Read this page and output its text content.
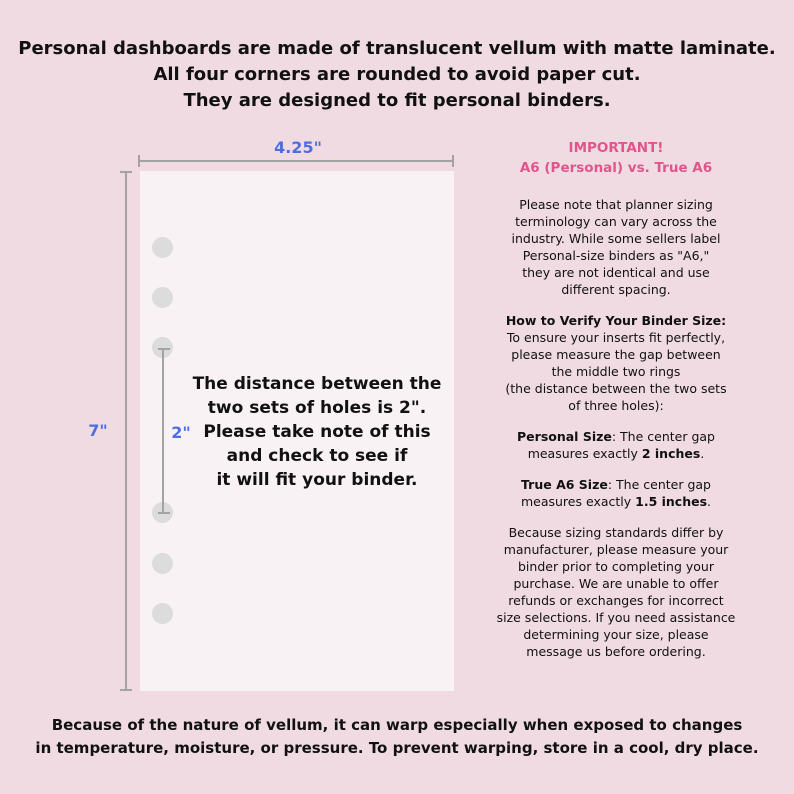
Personal dashboards are made of translucent vellum with matte laminate.
All four corners are rounded to avoid paper cut.
They are designed to fit personal binders.
4.25"
7"	2"
The distance between the
two sets of holes is 2".
Please take note of this
and check to see if
it will fit your binder.
IMPORTANT!
A6 (Personal) vs. True A6
Please note that planner sizing
terminology can vary across the
industry. While some sellers label
Personal-size binders as "A6,"
they are not identical and use
different spacing.
How to Verify Your Binder Size:
To ensure your inserts fit perfectly,
please measure the gap between
the middle two rings
(the distance between the two sets
of three holes):
Personal Size: The center gap
measures exactly 2 inches.
True A6 Size: The center gap
measures exactly 1.5 inches.
Because sizing standards differ by
manufacturer, please measure your
binder prior to completing your
purchase. We are unable to offer
refunds or exchanges for incorrect
size selections. If you need assistance
determining your size, please
message us before ordering.
Because of the nature of vellum, it can warp especially when exposed to changes
in temperature, moisture, or pressure. To prevent warping, store in a cool, dry place.
